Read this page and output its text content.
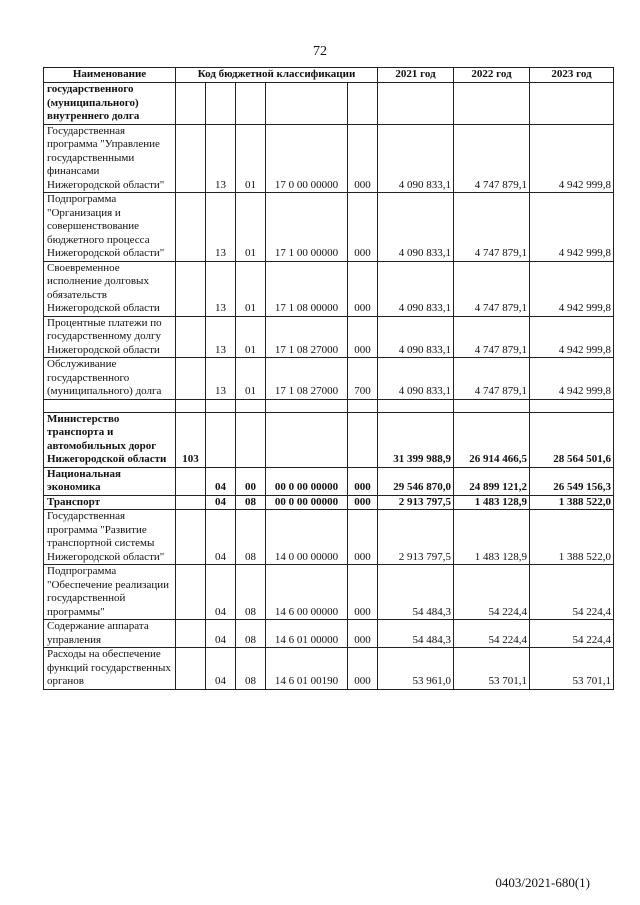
72
Наименование	Код бюджетной классификации					2021 год	2022 год	2023 год
государственного (муниципального) внутреннего долга								
Государственная программа "Управление государственными финансами Нижегородской области"		13	01	17 0 00 00000	000	4 090 833,1	4 747 879,1	4 942 999,8
Подпрограмма "Организация и совершенствование бюджетного процесса Нижегородской области"		13	01	17 1 00 00000	000	4 090 833,1	4 747 879,1	4 942 999,8
Своевременное исполнение долговых обязательств Нижегородской области		13	01	17 1 08 00000	000	4 090 833,1	4 747 879,1	4 942 999,8
Процентные платежи по государственному долгу Нижегородской области		13	01	17 1 08 27000	000	4 090 833,1	4 747 879,1	4 942 999,8
Обслуживание государственного (муниципального) долга		13	01	17 1 08 27000	700	4 090 833,1	4 747 879,1	4 942 999,8

Министерство транспорта и автомобильных дорог Нижегородской области	103					31 399 988,9	26 914 466,5	28 564 501,6
Национальная экономика		04	00	00 0 00 00000	000	29 546 870,0	24 899 121,2	26 549 156,3
Транспорт		04	08	00 0 00 00000	000	2 913 797,5	1 483 128,9	1 388 522,0
Государственная программа "Развитие транспортной системы Нижегородской области"		04	08	14 0 00 00000	000	2 913 797,5	1 483 128,9	1 388 522,0
Подпрограмма "Обеспечение реализации государственной программы"		04	08	14 6 00 00000	000	54 484,3	54 224,4	54 224,4
Содержание аппарата управления		04	08	14 6 01 00000	000	54 484,3	54 224,4	54 224,4
Расходы на обеспечение функций государственных органов		04	08	14 6 01 00190	000	53 961,0	53 701,1	53 701,1
0403/2021-680(1)
